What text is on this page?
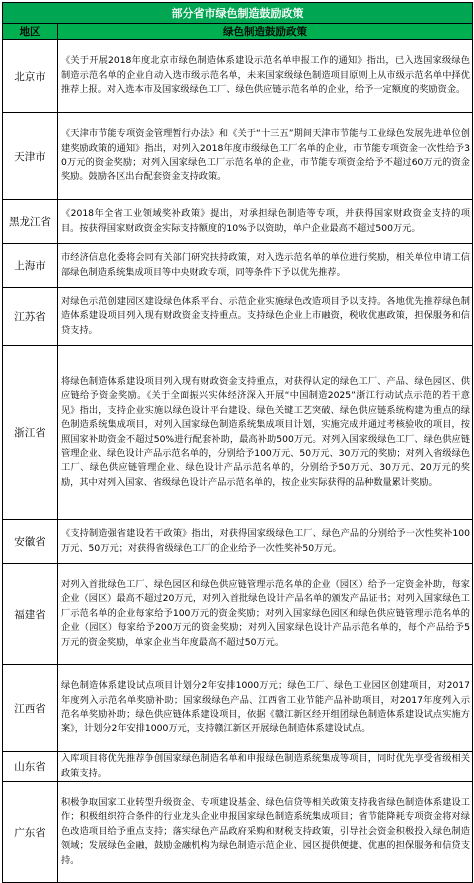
部分省市绿色制造鼓励政策	
地区	绿色制造鼓励政策
北京市	《关于开展2018年度北京市绿色制造体系建设示范名单申报工作的通知》指出，已入选国家级绿色制造示范名单的企业自动入选市级示范名单，未来国家级绿色制造项目原则上从市级示范名单中择优推荐上报。对入选本市及国家级绿色工厂、绿色供应链示范名单的企业，给予一定额度的奖励资金。
天津市	《天津市节能专项资金管理暂行办法》和《关于“十三五”期间天津市节能与工业绿色发展先进单位创建奖励政策的通知》指出，对列入2018年度市级绿色工厂名单的企业，市节能专项资金一次性给予30万元的资金奖励；对列入国家绿色工厂示范名单的企业，市节能专项资金给予不超过60万元的资金奖励。鼓励各区出台配套资金支持政策。
黑龙江省	《2018年全省工业领域奖补政策》提出，对承担绿色制造等专项，并获得国家财政资金支持的项目。按获得国家财政资金实际支持额度的10%予以资助，单户企业最高不超过500万元。
上海市	市经济信息化委将会同有关部门研究扶持政策，对入选示范名单的单位进行奖励，相关单位申请工信部绿色制造系统集成项目等中央财政专项，同等条件下予以优先推荐。
江苏省	对绿色示范创建园区建设绿色体系平台、示范企业实施绿色改造项目予以支持。各地优先推荐绿色制造体系建设项目列入现有财政资金支持重点。支持绿色企业上市融资，税收优惠政策，担保服务和信贷支持。
浙江省	将绿色制造体系建设项目列入现有财政资金支持重点，对获得认定的绿色工厂、产品、绿色园区、供应链给予资金奖励。《关于全面振兴实体经济深入开展“中国制造2025”浙江行动试点示范的若干意见》指出，支持企业实施以绿色设计平台建设、绿色关键工艺突破、绿色供应链系统构建为重点的绿色制造系统集成项目，对列入国家绿色制造系统集成项目计划，实施完成并通过考核验收的项目，按照国家补助资金不超过50%进行配套补助，最高补助500万元。对列入国家级绿色工厂、绿色供应链管理企业、绿色设计产品示范名单的，分别给予100万元、50万元、30万元的奖励；对列入省级绿色工厂、绿色供应链管理企业、绿色设计产品示范名单的，分别给予50万元、30万元、20万元的奖励，其中对列入国家、省级绿色设计产品示范名单的，按企业实际获得的品种数量累计奖励。
安徽省	《支持制造强省建设若干政策》指出，对获得国家级绿色工厂、绿色产品的分别给予一次性奖补100万元、50万元；对获得省级绿色工厂的企业给予一次性奖补50万元。
福建省	对列入首批绿色工厂、绿色园区和绿色供应链管理示范名单的企业（园区）给予一定资金补助，每家企业（园区）最高不超过20万元，对列入首批绿色设计产品名单的颁发产品证书；对列入国家绿色工厂示范名单的企业每家给予100万元的资金奖励；对列入国家绿色园区和绿色供应链管理示范名单的企业（园区）每家给予200万元的资金奖励；对列入国家绿色设计产品示范名单的，每个产品给予5万元的资金奖励，单家企业当年度最高不超过50万元。
江西省	绿色制造体系建设试点项目计划分2年安排1000万元；绿色工厂、绿色工业园区创建项目，对2017年度列入示范名单奖励补助；国家级绿色产品、江西省工业节能产品补助项目，对2017年度列入示范名单奖励补助；绿色供应链体系建设项目，依据《赣江新区经开组团绿色制造体系建设试点实施方案》，计划分2年安排1000万元，支持赣江新区开展绿色制造体系建设试点。
山东省	入库项目将优先推荐争创国家绿色制造名单和申报绿色制造系统集成等项目，同时优先享受省级相关政策支持。
广东省	积极争取国家工业转型升级资金、专项建设基金、绿色信贷等相关政策支持我省绿色制造体系建设工作；积极组织符合条件的行业龙头企业申报国家绿色制造系统集成项目；省节能降耗专项资金将对绿色改造项目给予重点支持；落实绿色产品政府采购和财税支持政策，引导社会资金积极投入绿色制造领域；发展绿色金融，鼓励金融机构为绿色制造示范企业、园区提供便捷、优惠的担保服务和信贷支持。
